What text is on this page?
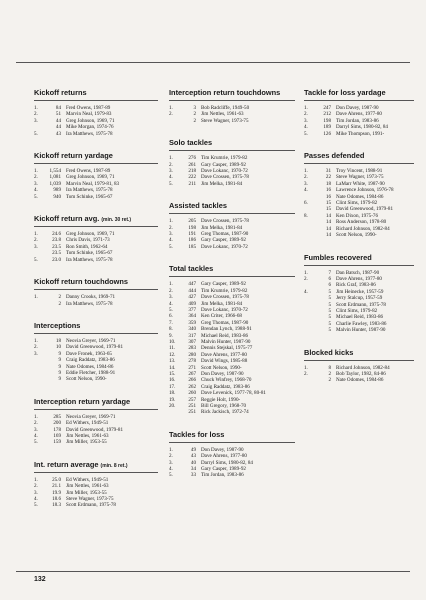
Kickoff returns
1.	84 Fred Owens, 1987-89
2.	51 Marvin Neal, 1979-83
3.	44 Greg Johnson, 1969, 71
44 Mike Morgan, 1974-76
5.	43 Ira Matthews, 1975-78
Kickoff return yardage
1.	1,554 Fred Owens, 1987-89
2.	1,081 Greg Johnson, 1969, 71
3.	1,039 Marvin Neal, 1979-81, 83
4.	989 Ira Matthews, 1975-78
5.	940 Tom Schinke, 1965-67
Kickoff return avg. (min. 30 ret.)
1.	24.6 Greg Johnson, 1969, 71
2.	23.8 Chris Davis, 1971-73
3.	23.5 Ron Smith, 1962-64
23.5 Tom Schinke, 1965-67
5.	23.0 Ira Matthews, 1975-78
Kickoff return touchdowns
1.	2 Danny Crooks, 1969-71
2 Ira Matthews, 1975-78
Interceptions
1.	18 Neovia Greyer, 1969-71
2.	10 David Greenwood, 1979-81
3.	9 Dave Fronek, 1963-65
9 Craig Raddatz, 1983-86
9 Nate Odomes, 1984-86
9 Eddie Fletcher, 1988-91
9 Scott Nelson, 1990-
Interception return yardage
1.	285 Neovia Greyer, 1969-71
2.	200 Ed Withers, 1949-51
3.	178 David Greenwood, 1979-81
4.	169 Jim Nettles, 1961-63
5.	159 Jim Miller, 1953-55
Int. return average (min. 8 ret.)
1.	25.0 Ed Withers, 1949-51
2.	21.1 Jim Nettles, 1961-63
3.	19.9 Jim Miller, 1953-55
4.	18.6 Steve Wagner, 1973-75
5.	18.3 Scott Erdmann, 1975-78
Interception return touchdowns
1.	3 Bob Radcliffe, 1949-50
2.	2 Jim Nettles, 1961-63
2 Steve Wagner, 1973-75
Solo tackles
1.	276 Tim Krumrie, 1979-82
2.	261 Gary Casper, 1989-92
3.	218 Dave Lokanc, 1970-72
4.	222 Dave Crossen, 1975-78
5.	211 Jim Melka, 1981-84
Assisted tackles
1.	205 Dave Crossen, 1975-78
2.	198 Jim Melka, 1981-84
3.	191 Greg Thomas, 1987-90
4.	186 Gary Casper, 1989-92
5.	185 Dave Lokanc, 1970-72
Total tackles
1.	447 Gary Casper, 1989-92
2.	444 Tim Krumrie, 1979-82
3.	427 Dave Crossen, 1975-78
4.	409 Jim Melka, 1981-84
5.	377 Dave Lokanc, 1970-72
6.	364 Ken Criter, 1966-68
7.	359 Greg Thomas, 1987-90
8.	340 Brendan Lynch, 1988-91
9.	317 Michael Reid, 1983-86
10.	307 Malvin Hunter, 1987-90
11.	283 Dennis Stejskal, 1975-77
12.	280 Dave Ahrens, 1977-80
13.	278 David Wings, 1985-88
14.	271 Scott Nelson, 1990-
15.	267 Don Davey, 1987-90
16.	266 Chuck Winfrey, 1968-70
17.	262 Craig Raddatz, 1983-86
18.	260 Dave Levenick, 1977-78, 80-81
19.	257 Reggie Holt, 1990-
20.	251 Bill Gregory, 1968-70
251 Rick Jackisch, 1972-74
Tackles for loss
1.	49 Don Davey, 1987-90
2.	43 Dave Ahrens, 1977-80
3.	40 Darryl Sims, 1980-82, 84
4.	34 Gary Casper, 1989-92
5.	33 Tim Jordan, 1983-86
Tackle for loss yardage
1.	247 Don Davey, 1987-90
2.	212 Dave Ahrens, 1977-80
3.	198 Tim Jordan, 1983-86
4.	189 Darryl Sims, 1980-82, 84
5.	126 Mike Thompson, 1991-
Passes defended
1.	31 Troy Vincent, 1988-91
2.	22 Steve Wagner, 1973-75
3.	18 LaMarr White, 1987-90
4.	16 Lawrence Johnson, 1976-78
16 Nate Odomes, 1984-86
6.	15 Clint Sims, 1979-82
15 David Greenwood, 1979-81
8.	14 Ken Dixon, 1975-76
14 Ross Anderson, 1978-80
14 Richard Johnson, 1982-84
14 Scott Nelson, 1990-
Fumbles recovered
1.	7 Dan Batsch, 1987-90
2.	6 Dave Ahrens, 1977-80
6 Rick Graf, 1983-86
4.	5 Jim Heinecke, 1957-59
5 Jerry Stalcup, 1957-59
5 Scott Erdmann, 1975-78
5 Clint Sims, 1979-82
5 Michael Reid, 1983-86
5 Charlie Fawley, 1983-86
5 Malvin Hunter, 1987-90
Blocked kicks
1.	8 Richard Johnson, 1982-84
2.	2 Bob Taylor, 1982, 84-86
2 Nate Odomes, 1984-86
132
